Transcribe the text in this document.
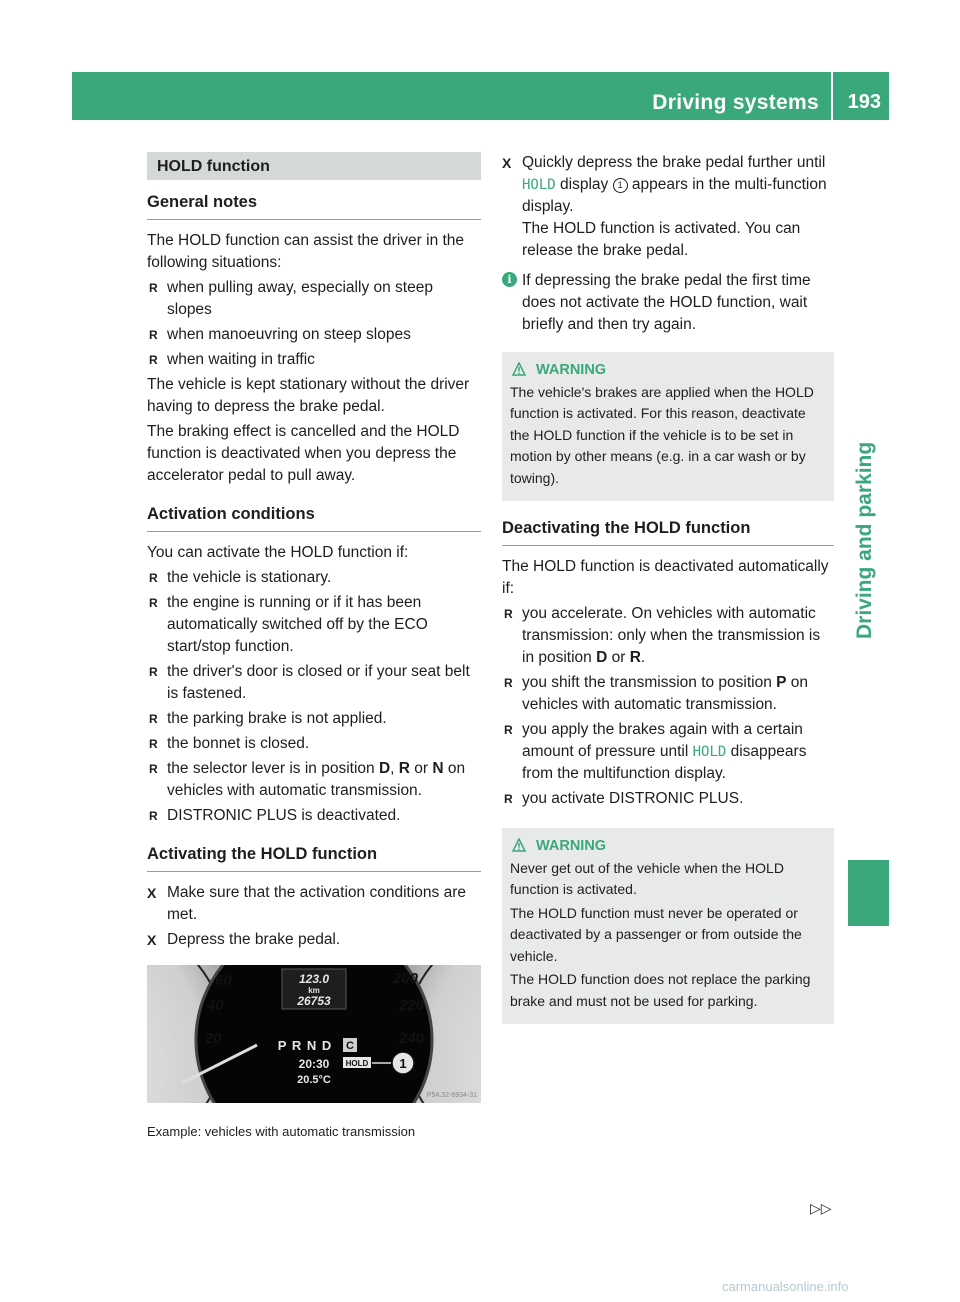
Driving systems 193
Driving and parking
HOLD function
General notes

The HOLD function can assist the driver in the following situations:

R when pulling away, especially on steep slopes
R when manoeuvring on steep slopes
R when waiting in traffic

The vehicle is kept stationary without the driver having to depress the brake pedal.

The braking effect is cancelled and the HOLD function is deactivated when you depress the accelerator pedal to pull away.

Activation conditions

You can activate the HOLD function if:

R the vehicle is stationary.
R the engine is running or if it has been automatically switched off by the ECO start/stop function.
R the driver's door is closed or if your seat belt is fastened.
R the parking brake is not applied.
R the bonnet is closed.
R the selector lever is in position D, R or N on vehicles with automatic transmission.
R DISTRONIC PLUS is deactivated.
Activating the HOLD function
X Make sure that the activation conditions are met.
X Depress the brake pedal.
60
40
20
200
220
240
123.0
km
26753
P R N D C
20:30
20.5°C
HOLD 1
P54.32-8934-31
Example: vehicles with automatic transmission
X Quickly depress the brake pedal further until HOLD display 1 appears in the multi-function display.
The HOLD function is activated. You can release the brake pedal.
i If depressing the brake pedal the first time does not activate the HOLD function, wait briefly and then try again.
WARNING

The vehicle's brakes are applied when the HOLD function is activated. For this reason, deactivate the HOLD function if the vehicle is to be set in motion by other means (e.g. in a car wash or by towing).

Deactivating the HOLD function

The HOLD function is deactivated automatically if:

R you accelerate. On vehicles with automatic transmission: only when the transmission is in position D or R.
R you shift the transmission to position P on vehicles with automatic transmission.
R you apply the brakes again with a certain amount of pressure until HOLD disappears from the multifunction display.
R you activate DISTRONIC PLUS.
WARNING

Never get out of the vehicle when the HOLD function is activated.

The HOLD function must never be operated or deactivated by a passenger or from outside the vehicle.

The HOLD function does not replace the parking brake and must not be used for parking.

▷▷
carmanualsonline.info
